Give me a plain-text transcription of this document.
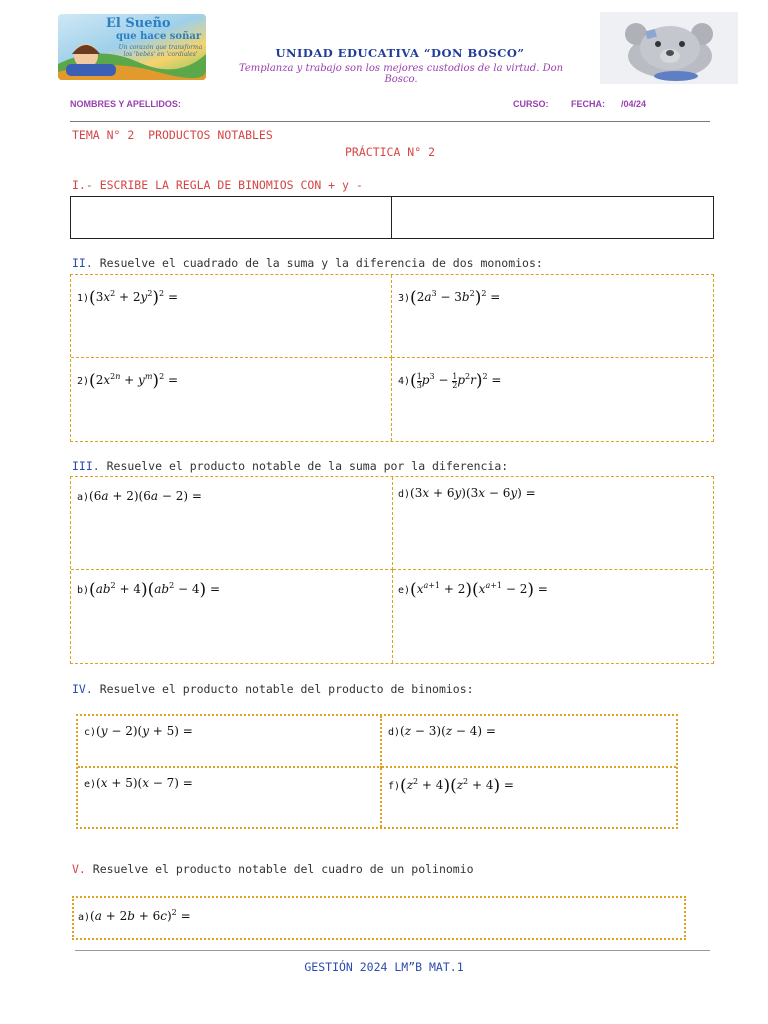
El Sueño
que hace soñar
Un corazón que transforma los 'bebés' en 'cordiales'	UNIDAD EDUCATIVA “DON BOSCO”
Templanza y trabajo son los mejores custodios de la virtud. Don Bosco.
NOMBRES Y APELLIDOS:	CURSO:	FECHA: /04/24
TEMA N° 2  PRODUCTOS NOTABLES
PRÁCTICA N° 2
I.- ESCRIBE LA REGLA DE BINOMIOS CON + y -
II. Resuelve el cuadrado de la suma y la diferencia de dos monomios:
$1)(3x^2 + 2y^2)^2$ =	$3)(2a^3 - 3b^2)^2$ =
$2)(2x^{2n} + y^m)^2$ =	$4)( \frac{1}{3} p^3 - \frac{1}{2} p^2r)^2$ =
III. Resuelve el producto notable de la suma por la diferencia:
a)(6a + 2)(6a − 2) =	d)(3x + 6y)(3x − 6y) =
$b)(ab^2 + 4)(ab^2 - 4)$ =	$e)(x^{a+1} + 2)(x^{a+1} - 2)$ =
IV. Resuelve el producto notable del producto de binomios:
c)(y − 2)(y + 5) =	d)(z − 3)(z − 4) =
e)(x + 5)(x − 7) =	$f)(z^2 + 4)(z^2 + 4)$ =
V. Resuelve el producto notable del cuadro de un polinomio
$a)(a + 2b + 6c)^2$ =
GESTIÓN 2024 LM”B MAT.1
